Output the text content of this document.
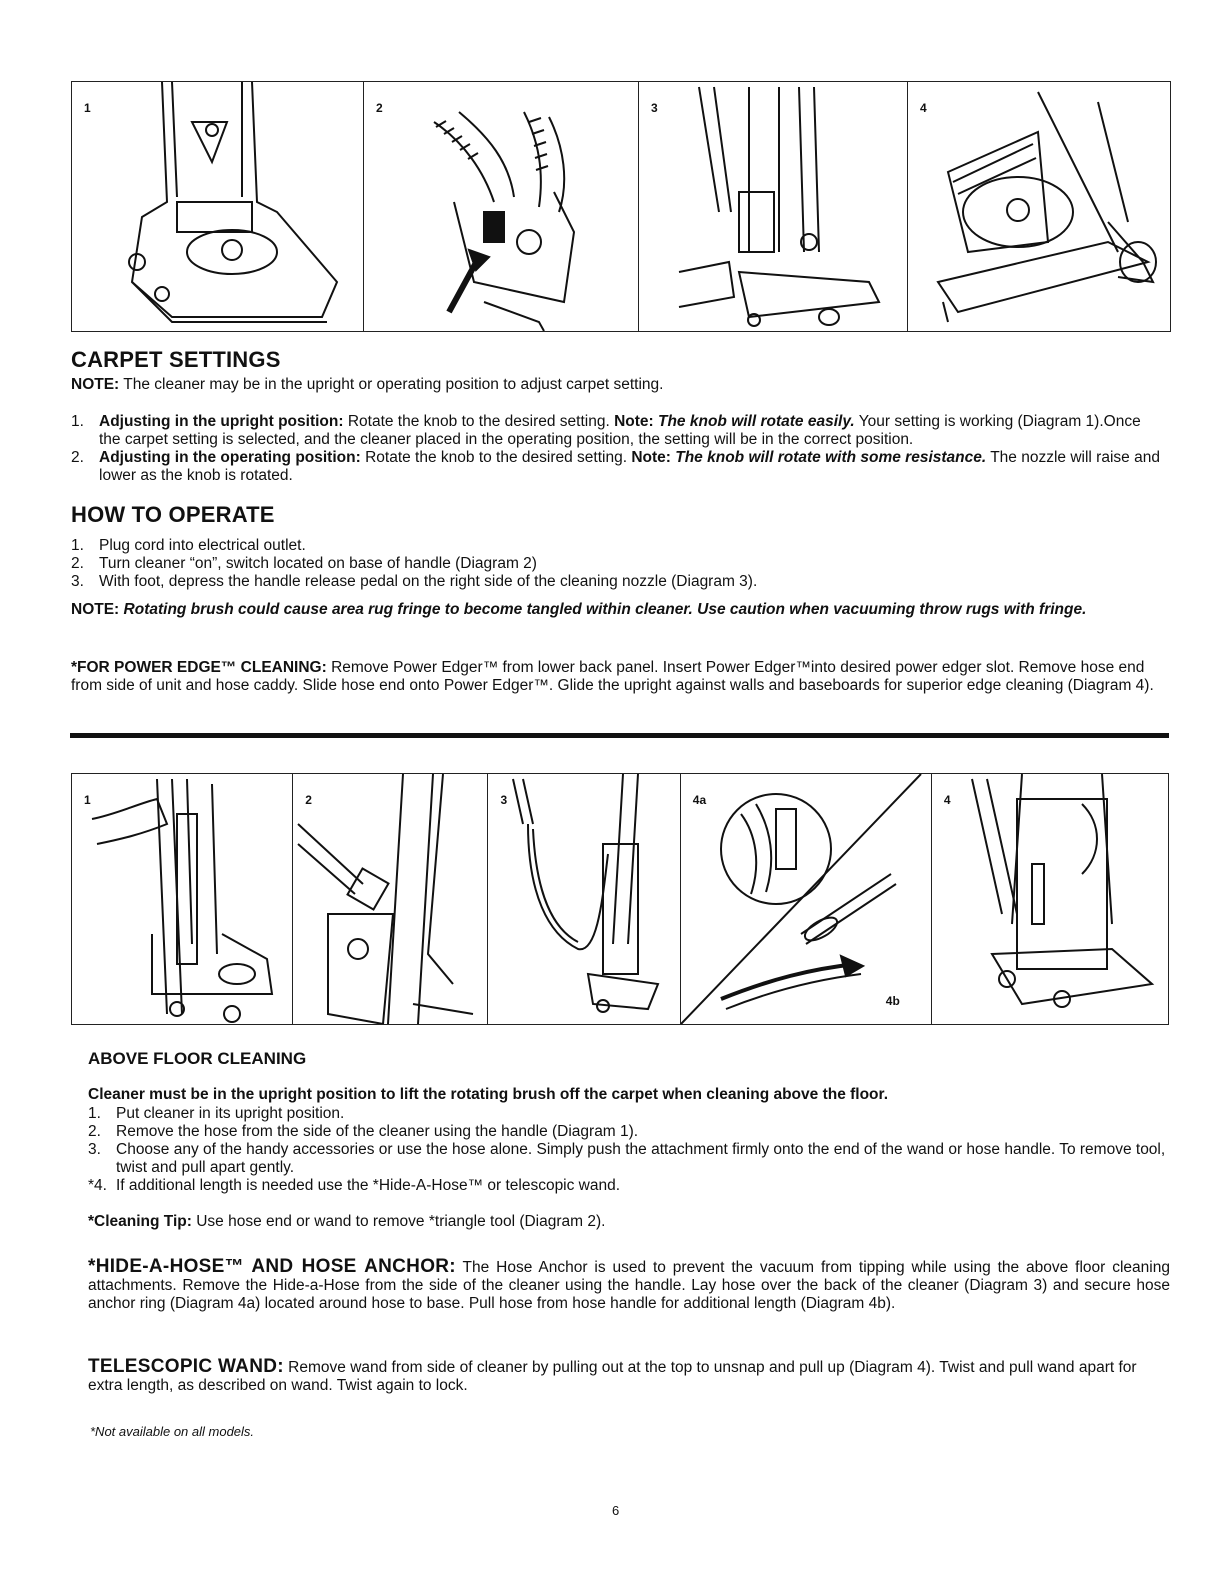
1	2	3	4
CARPET SETTINGS
NOTE: The cleaner may be in the upright or operating position to adjust carpet setting.
1. Adjusting in the upright position: Rotate the knob to the desired setting. Note: The knob will rotate easily. Your setting is working (Diagram 1).Once the carpet setting is selected, and the cleaner placed in the operating position, the setting will be in the correct position.
2. Adjusting in the operating position: Rotate the knob to the desired setting. Note: The knob will rotate with some resistance. The nozzle will raise and lower as the knob is rotated.
HOW TO OPERATE
1. Plug cord into electrical outlet.
2. Turn cleaner “on”, switch located on base of handle (Diagram 2)
3. With foot, depress the handle release pedal on the right side of the cleaning nozzle (Diagram 3).
NOTE: Rotating brush could cause area rug fringe to become tangled within cleaner. Use caution when vacuuming throw rugs with fringe.
*FOR POWER EDGE™ CLEANING: Remove Power Edger™ from lower back panel. Insert Power Edger™into desired power edger slot. Remove hose end from side of unit and hose caddy. Slide hose end onto Power Edger™. Glide the upright against walls and baseboards for superior edge cleaning (Diagram 4).
1	2	3	4a
4b
4
ABOVE FLOOR CLEANING
Cleaner must be in the upright position to lift the rotating brush off the carpet when cleaning above the floor.
1. Put cleaner in its upright position.
2. Remove the hose from the side of the cleaner using the handle (Diagram 1).
3. Choose any of the handy accessories or use the hose alone. Simply push the attachment firmly onto the end of the wand or hose handle. To remove tool, twist and pull apart gently.
*4. If additional length is needed use the *Hide-A-Hose™ or telescopic wand.
*Cleaning Tip: Use hose end or wand to remove *triangle tool (Diagram 2).
*HIDE-A-HOSE™ AND HOSE ANCHOR: The Hose Anchor is used to prevent the vacuum from tipping while using the above floor cleaning attachments. Remove the Hide-a-Hose from the side of the cleaner using the handle. Lay hose over the back of the cleaner (Diagram 3) and secure hose anchor ring (Diagram 4a) located around hose to base. Pull hose from hose handle for additional length (Diagram 4b).
TELESCOPIC WAND: Remove wand from side of cleaner by pulling out at the top to unsnap and pull up (Diagram 4). Twist and pull wand apart for extra length, as described on wand. Twist again to lock.
*Not available on all models.
6
